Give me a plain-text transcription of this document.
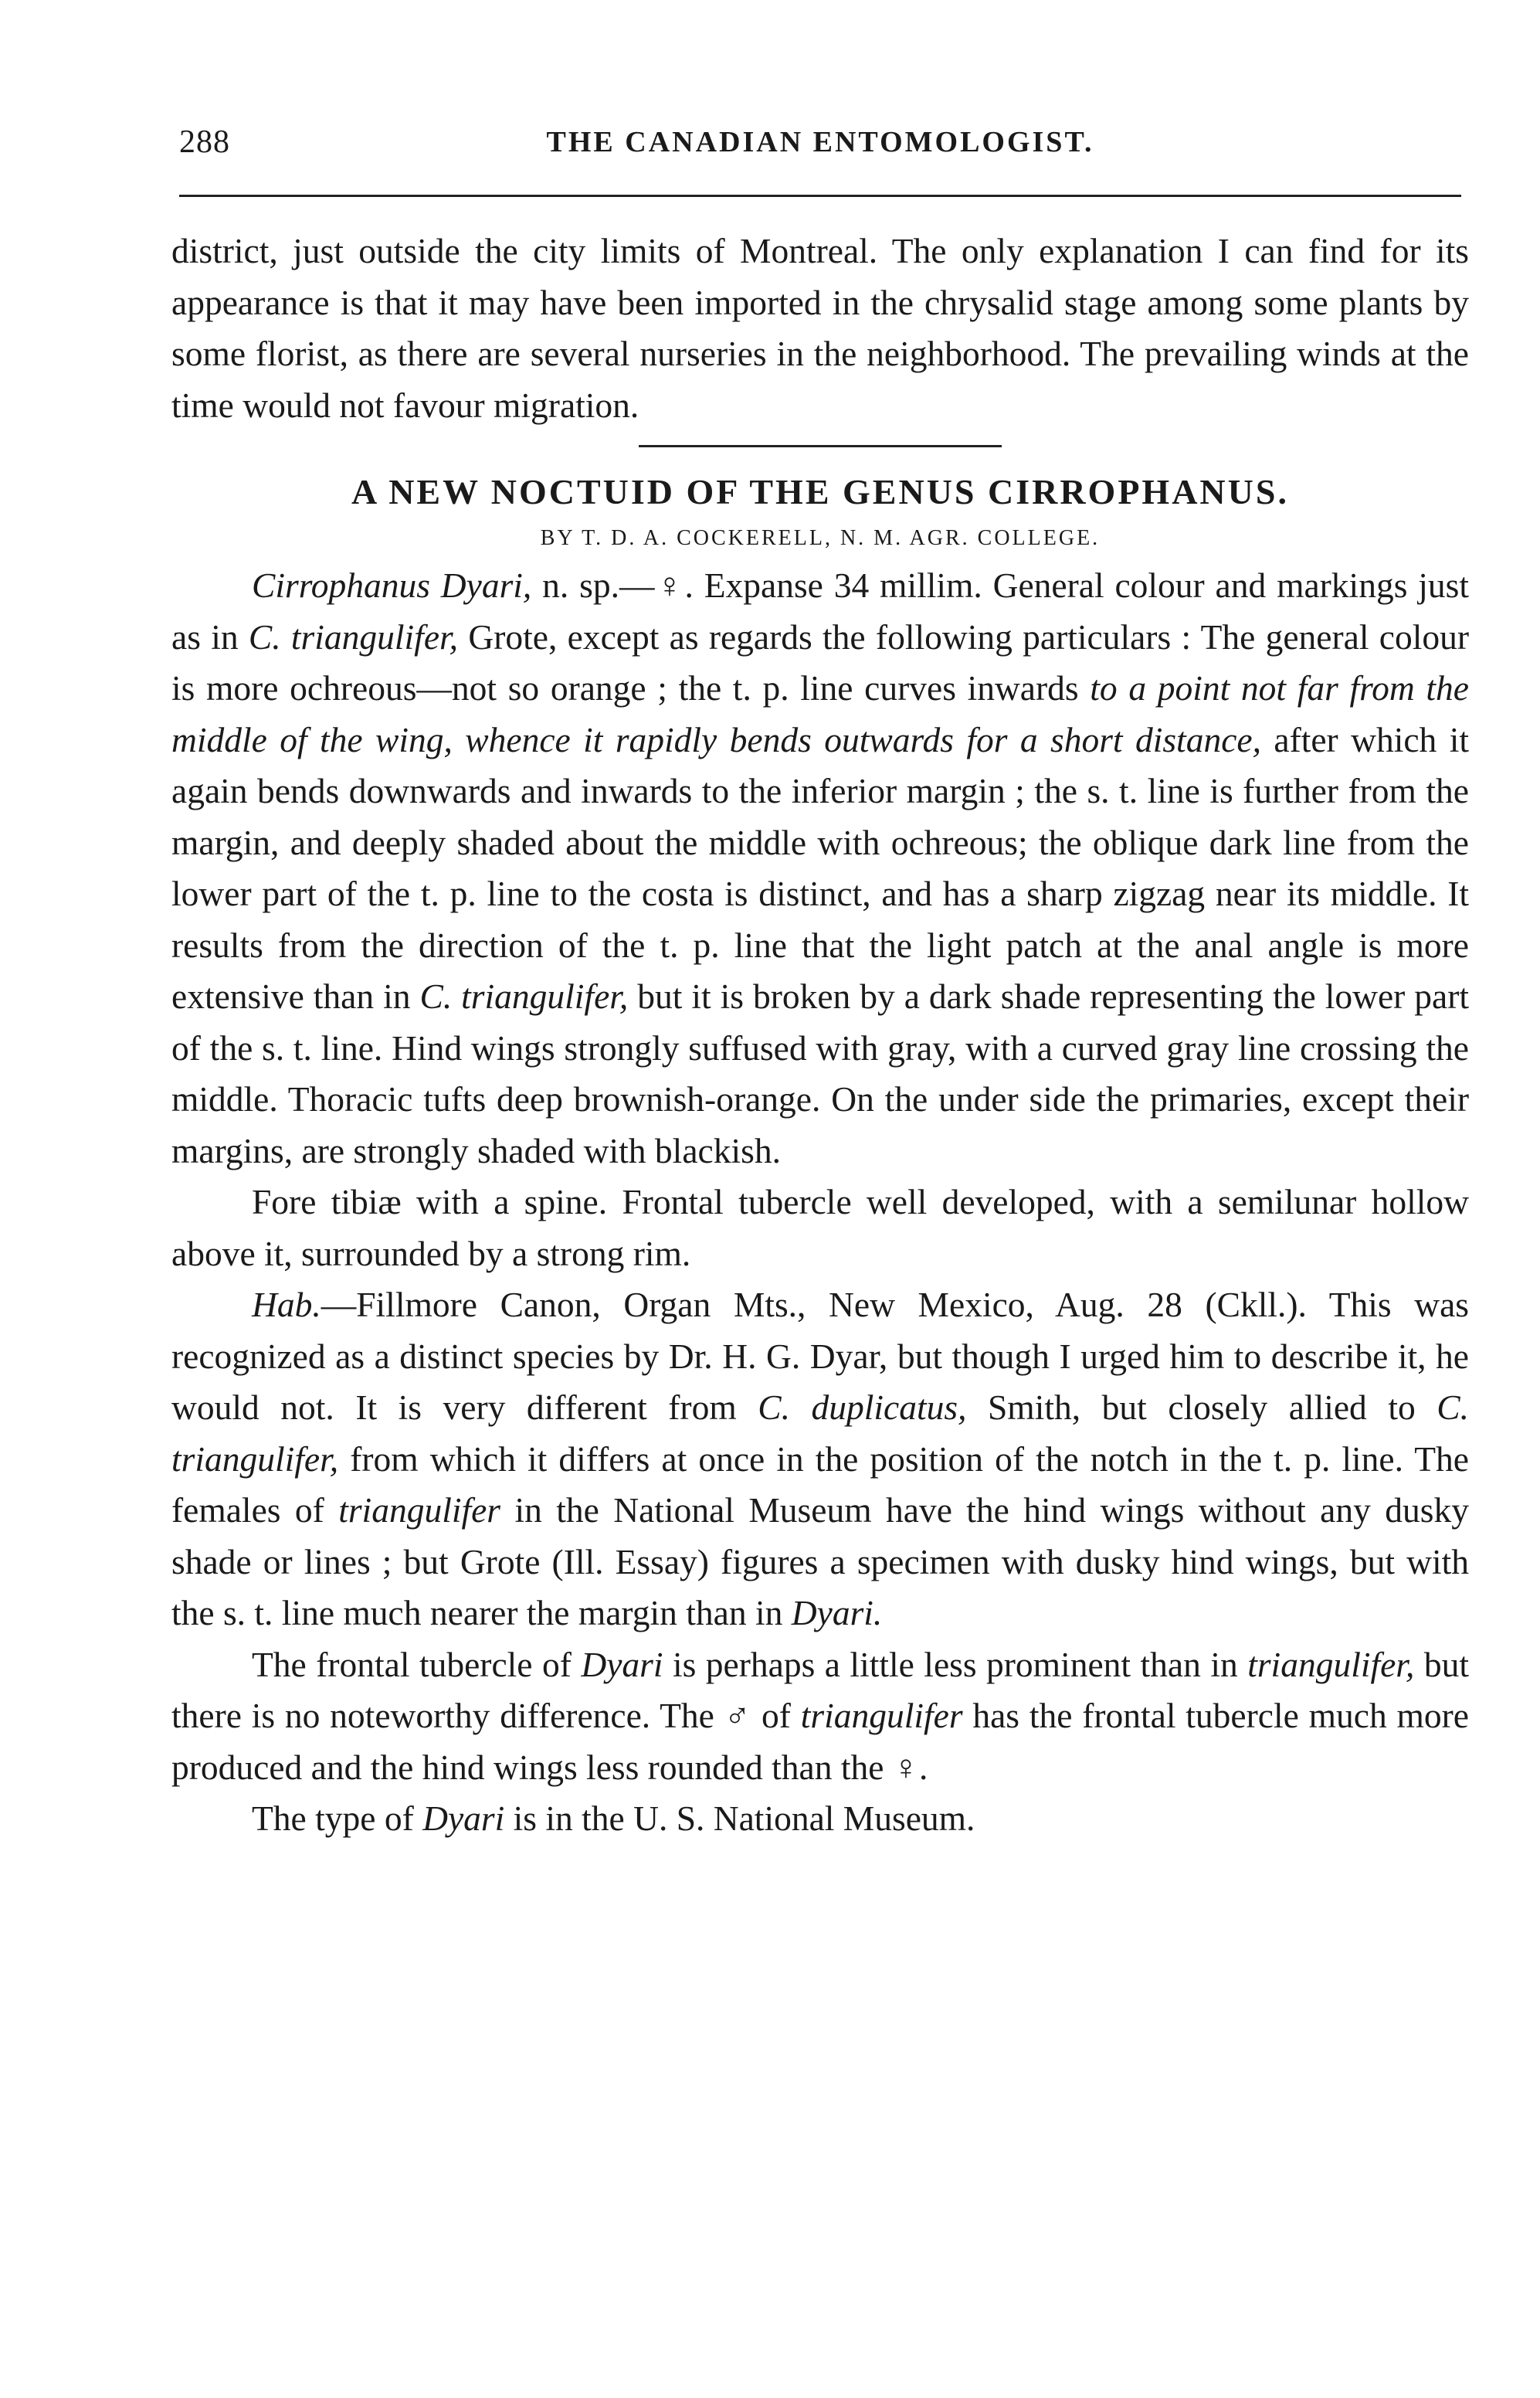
288	THE CANADIAN ENTOMOLOGIST.

district, just outside the city limits of Montreal. The only explanation I can find for its appearance is that it may have been imported in the chrysalid stage among some plants by some florist, as there are several nurseries in the neighborhood. The prevailing winds at the time would not favour migration.

A NEW NOCTUID OF THE GENUS CIRROPHANUS.
BY T. D. A. COCKERELL, N. M. AGR. COLLEGE.

Cirrophanus Dyari, n. sp.—♀. Expanse 34 millim. General colour and markings just as in C. triangulifer, Grote, except as regards the following particulars : The general colour is more ochreous—not so orange ; the t. p. line curves inwards to a point not far from the middle of the wing, whence it rapidly bends outwards for a short distance, after which it again bends downwards and inwards to the inferior margin ; the s. t. line is further from the margin, and deeply shaded about the middle with ochreous; the oblique dark line from the lower part of the t. p. line to the costa is distinct, and has a sharp zigzag near its middle. It results from the direction of the t. p. line that the light patch at the anal angle is more extensive than in C. triangulifer, but it is broken by a dark shade representing the lower part of the s. t. line. Hind wings strongly suffused with gray, with a curved gray line crossing the middle. Thoracic tufts deep brownish-orange. On the under side the primaries, except their margins, are strongly shaded with blackish.

Fore tibiæ with a spine. Frontal tubercle well developed, with a semilunar hollow above it, surrounded by a strong rim.

Hab.—Fillmore Canon, Organ Mts., New Mexico, Aug. 28 (Ckll.). This was recognized as a distinct species by Dr. H. G. Dyar, but though I urged him to describe it, he would not. It is very different from C. duplicatus, Smith, but closely allied to C. triangulifer, from which it differs at once in the position of the notch in the t. p. line. The females of triangulifer in the National Museum have the hind wings without any dusky shade or lines ; but Grote (Ill. Essay) figures a specimen with dusky hind wings, but with the s. t. line much nearer the margin than in Dyari.

The frontal tubercle of Dyari is perhaps a little less prominent than in triangulifer, but there is no noteworthy difference. The ♂ of triangulifer has the frontal tubercle much more produced and the hind wings less rounded than the ♀.

The type of Dyari is in the U. S. National Museum.
